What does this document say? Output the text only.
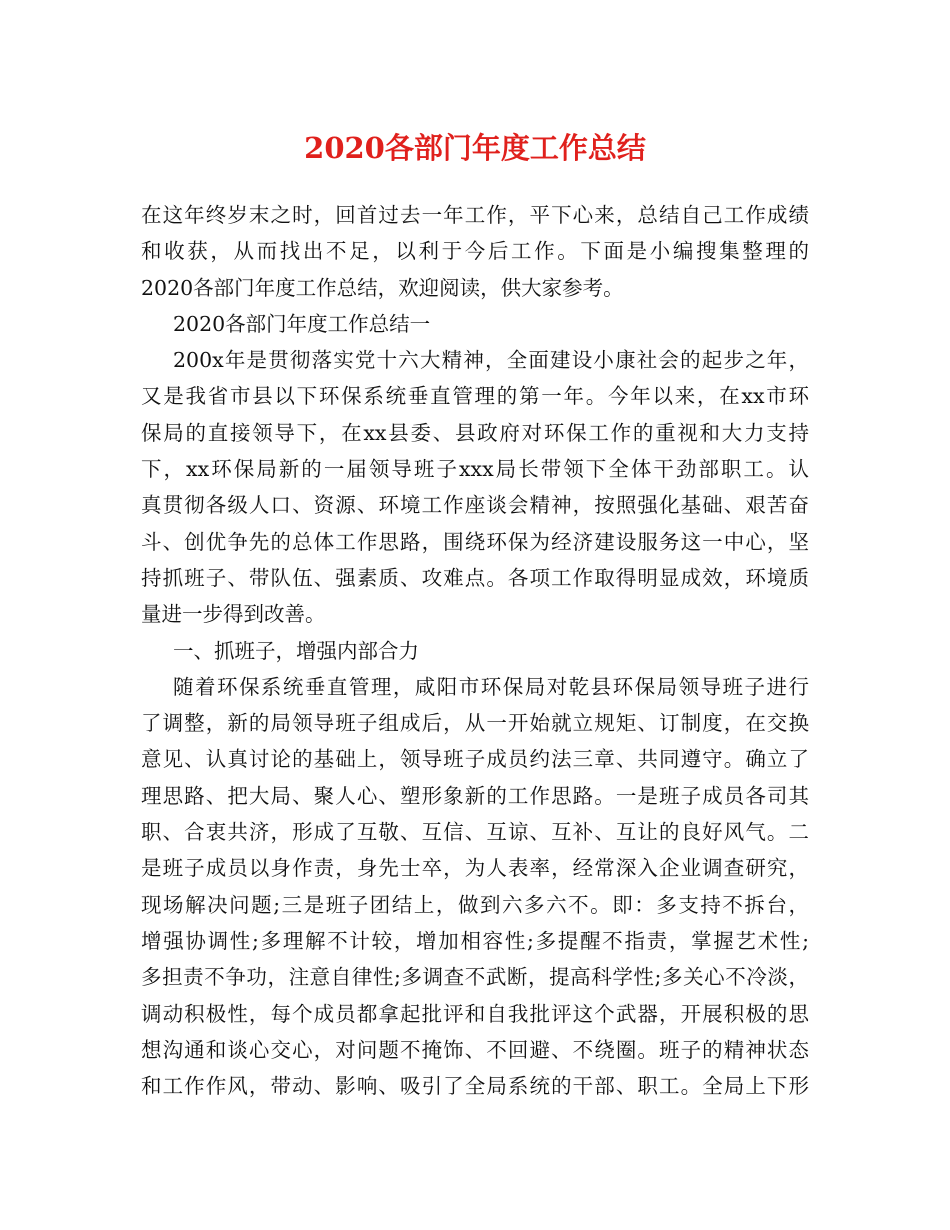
2020各部门年度工作总结
在这年终岁末之时，回首过去一年工作，平下心来，总结自己工作成绩
和收获，从而找出不足，以利于今后工作。下面是小编搜集整理的
2020各部门年度工作总结，欢迎阅读，供大家参考。
2020各部门年度工作总结一
200x年是贯彻落实党十六大精神，全面建设小康社会的起步之年，
又是我省市县以下环保系统垂直管理的第一年。今年以来，在xx市环
保局的直接领导下，在xx县委、县政府对环保工作的重视和大力支持
下，xx环保局新的一届领导班子xxx局长带领下全体干劲部职工。认
真贯彻各级人口、资源、环境工作座谈会精神，按照强化基础、艰苦奋
斗、创优争先的总体工作思路，围绕环保为经济建设服务这一中心，坚
持抓班子、带队伍、强素质、攻难点。各项工作取得明显成效，环境质
量进一步得到改善。
一、抓班子，增强内部合力
随着环保系统垂直管理，咸阳市环保局对乾县环保局领导班子进行
了调整，新的局领导班子组成后，从一开始就立规矩、订制度，在交换
意见、认真讨论的基础上，领导班子成员约法三章、共同遵守。确立了
理思路、把大局、聚人心、塑形象新的工作思路。一是班子成员各司其
职、合衷共济，形成了互敬、互信、互谅、互补、互让的良好风气。二
是班子成员以身作责，身先士卒，为人表率，经常深入企业调查研究，
现场解决问题;三是班子团结上，做到六多六不。即：多支持不拆台，
增强协调性;多理解不计较，增加相容性;多提醒不指责，掌握艺术性;
多担责不争功，注意自律性;多调查不武断，提高科学性;多关心不冷淡，
调动积极性，每个成员都拿起批评和自我批评这个武器，开展积极的思
想沟通和谈心交心，对问题不掩饰、不回避、不绕圈。班子的精神状态
和工作作风，带动、影响、吸引了全局系统的干部、职工。全局上下形
